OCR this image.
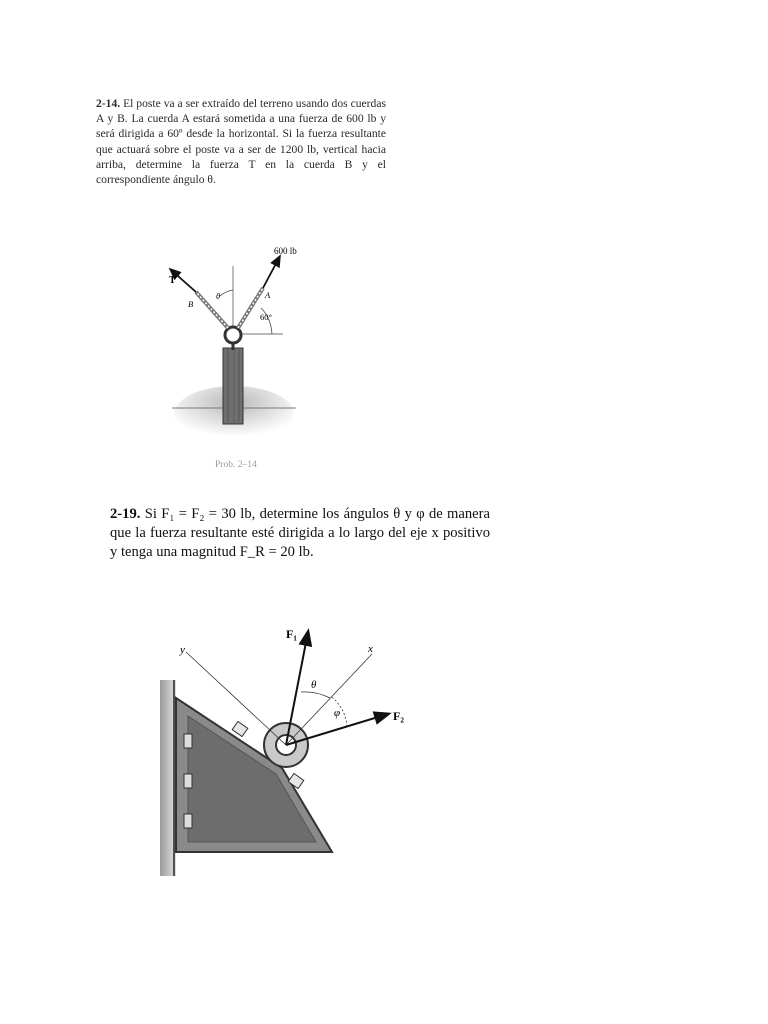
2-14. El poste va a ser extraído del terreno usando dos cuerdas A y B. La cuerda A estará sometida a una fuerza de 600 lb y será dirigida a 60º desde la horizontal. Si la fuerza resultante que actuará sobre el poste va a ser de 1200 lb, vertical hacia arriba, determine la fuerza T en la cuerda B y el correspondiente ángulo θ.
600 lb
T
B
A
θ
60°
Prob. 2–14
2-19. Si F₁ = F₂ = 30 lb, determine los ángulos θ y φ de manera que la fuerza resultante esté dirigida a lo largo del eje x positivo y tenga una magnitud F_R = 20 lb.
F₁
F₂
y	x
θ
φ
